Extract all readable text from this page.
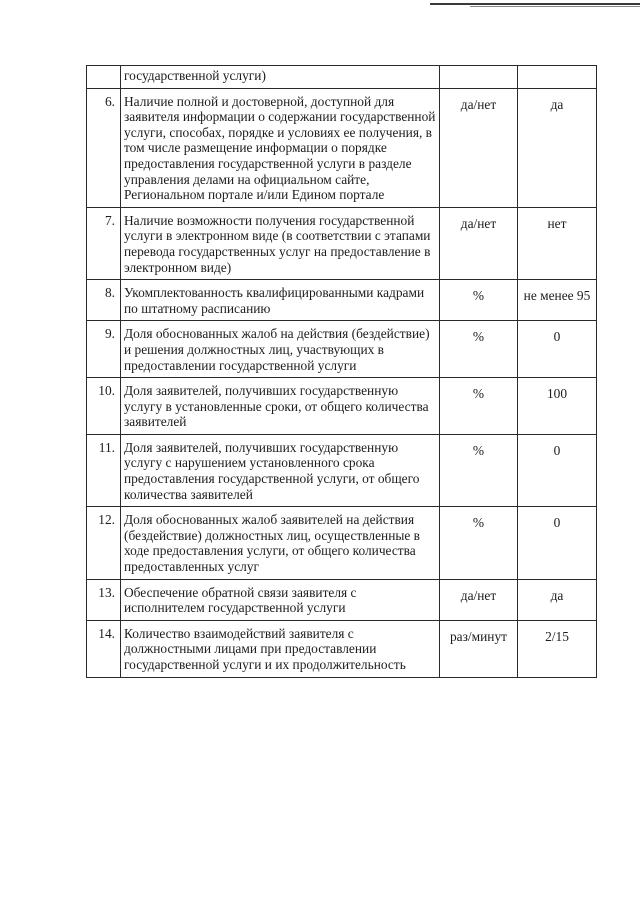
	государственной услуги)		
6.	Наличие полной и достоверной, доступной для заявителя информации о содержании государственной услуги, способах, порядке и условиях ее получения, в том числе размещение информации о порядке предоставления государственной услуги в разделе управления делами на официальном сайте, Региональном портале и/или Едином портале	да/нет	да
7.	Наличие возможности получения государственной услуги в электронном виде (в соответствии с этапами перевода государственных услуг на предоставление в электронном виде)	да/нет	нет
8.	Укомплектованность квалифицированными кадрами по штатному расписанию	%	не менее 95
9.	Доля обоснованных жалоб на действия (бездействие) и решения должностных лиц, участвующих в предоставлении государственной услуги	%	0
10.	Доля заявителей, получивших государственную услугу в установленные сроки, от общего количества заявителей	%	100
11.	Доля заявителей, получивших государственную услугу с нарушением установленного срока предоставления государственной услуги, от общего количества заявителей	%	0
12.	Доля обоснованных жалоб заявителей на действия (бездействие) должностных лиц, осуществленные в ходе предоставления услуги, от общего количества предоставленных услуг	%	0
13.	Обеспечение обратной связи заявителя с исполнителем государственной услуги	да/нет	да
14.	Количество взаимодействий заявителя с должностными лицами при предоставлении государственной услуги и их продолжительность	раз/минут	2/15
